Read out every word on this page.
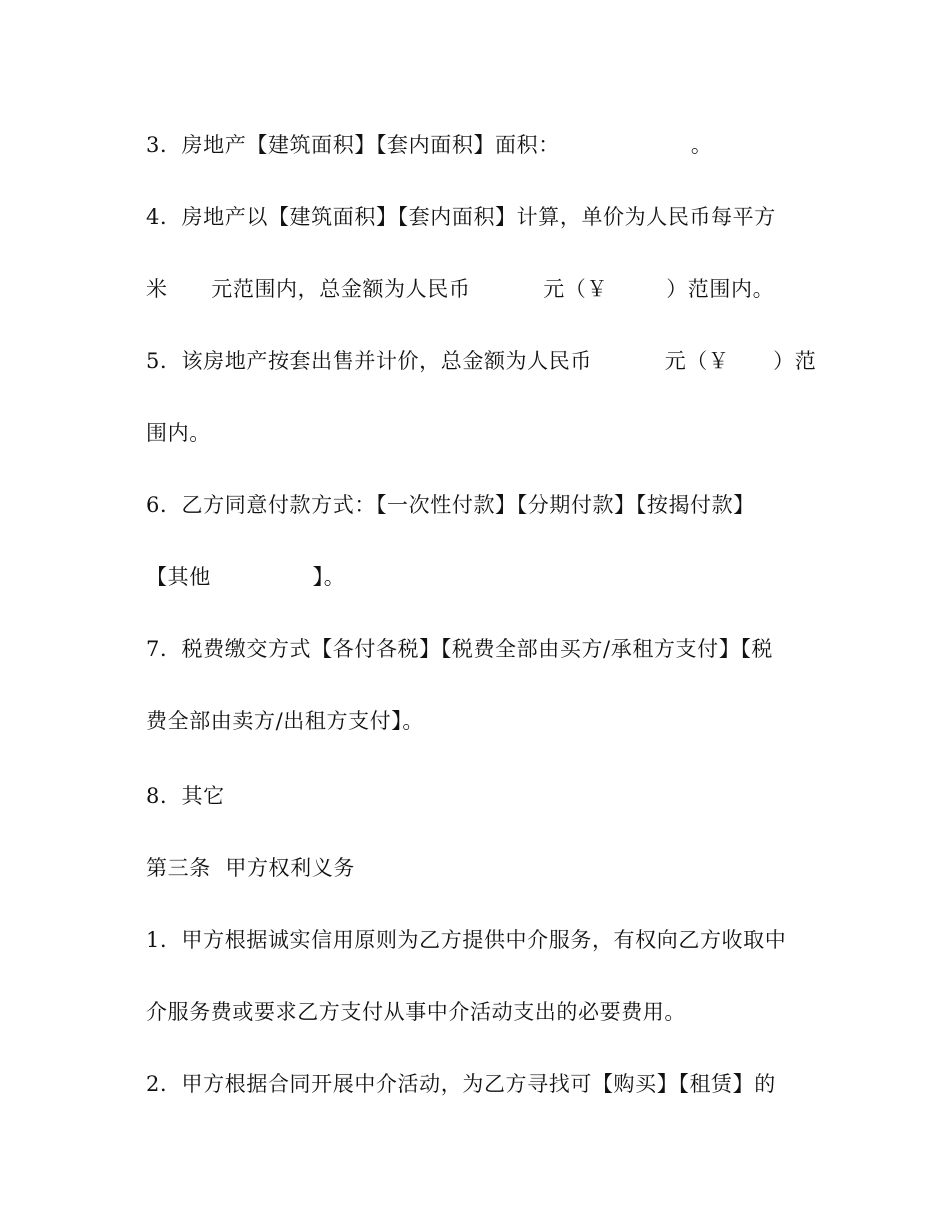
3．房地产【建筑面积】【套内面积】面积：                  。

4．房地产以【建筑面积】【套内面积】计算，单价为人民币每平方

米      元范围内，总金额为人民币          元（￥        ）范围内。

5．该房地产按套出售并计价，总金额为人民币          元（￥      ）范

围内。

6．乙方同意付款方式：【一次性付款】【分期付款】【按揭付款】

【其他              】。

7．税费缴交方式【各付各税】【税费全部由买方/承租方支付】【税

费全部由卖方/出租方支付】。

8．其它

第三条  甲方权利义务

1．甲方根据诚实信用原则为乙方提供中介服务，有权向乙方收取中

介服务费或要求乙方支付从事中介活动支出的必要费用。

2．甲方根据合同开展中介活动，为乙方寻找可【购买】【租赁】的
